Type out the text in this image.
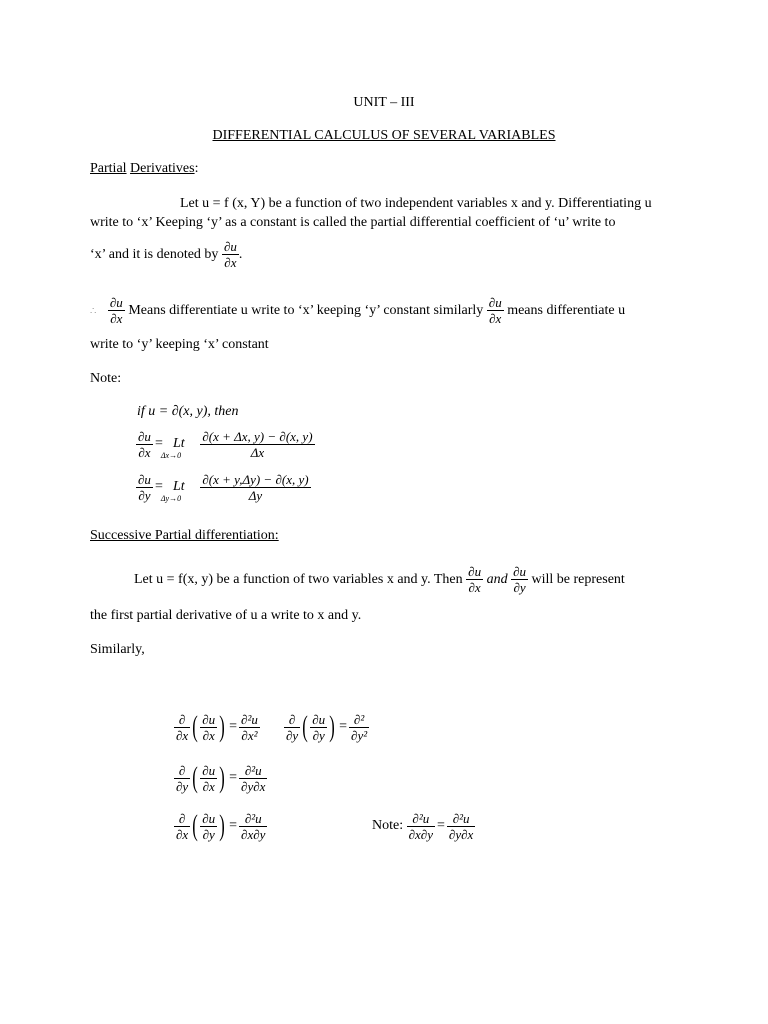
UNIT – III
DIFFERENTIAL CALCULUS OF SEVERAL VARIABLES
Partial Derivatives:
Let u = f (x, Y) be a function of two independent variables x and y. Differentiating u
write to ‘x’ Keeping ‘y’ as a constant is called the partial differential coefficient of ‘u’ write to
‘x’ and it is denoted by $\frac{\partial u}{\partial x}$ .
∴ $\frac{\partial u}{\partial x}$ Means differentiate u write to ‘x’ keeping ‘y’ constant similarly $\frac{\partial u}{\partial x}$ means differentiate u
write to ‘y’ keeping ‘x’ constant
Note:
if u = ∂(x, y), then
$\frac{\partial u}{\partial x} = Lt$
Δx→0
$\frac{\partial(x + \Delta x, y) - \partial(x, y)}{\Delta x}$
$\frac{\partial u}{\partial y} = Lt$
Δy→0
$\frac{\partial(x + y,\Delta y) - \partial(x, y)}{\Delta y}$
Successive Partial differentiation:
Let u = f(x, y) be a function of two variables x and y. Then $\frac{\partial u}{\partial x}$ and $\frac{\partial u}{\partial y}$ will be represent
the first partial derivative of u a write to x and y.
Similarly,
$\frac{\partial}{\partial x}$ ( $\frac{\partial u}{\partial x}$ ) = $\frac{\text{∂²u}}{\text{∂x²}} \frac{\partial}{\partial y}$ ( $\frac{\partial u}{\partial y}$ ) = $\frac{\text{∂²}}{\text{∂y²}}$
$\frac{\partial}{\partial y}$ ( $\frac{\partial u}{\partial x}$ ) = $\frac{\text{∂²u}}{\partial y\partial x}$
$\frac{\partial}{\partial x}$ ( $\frac{\partial u}{\partial y}$ ) = $\frac{\text{∂²u}}{\partial x\partial y}$	Note: $\frac{\text{∂²u}}{\partial x\partial y} = \frac{\text{∂²u}}{\partial y\partial x}$
